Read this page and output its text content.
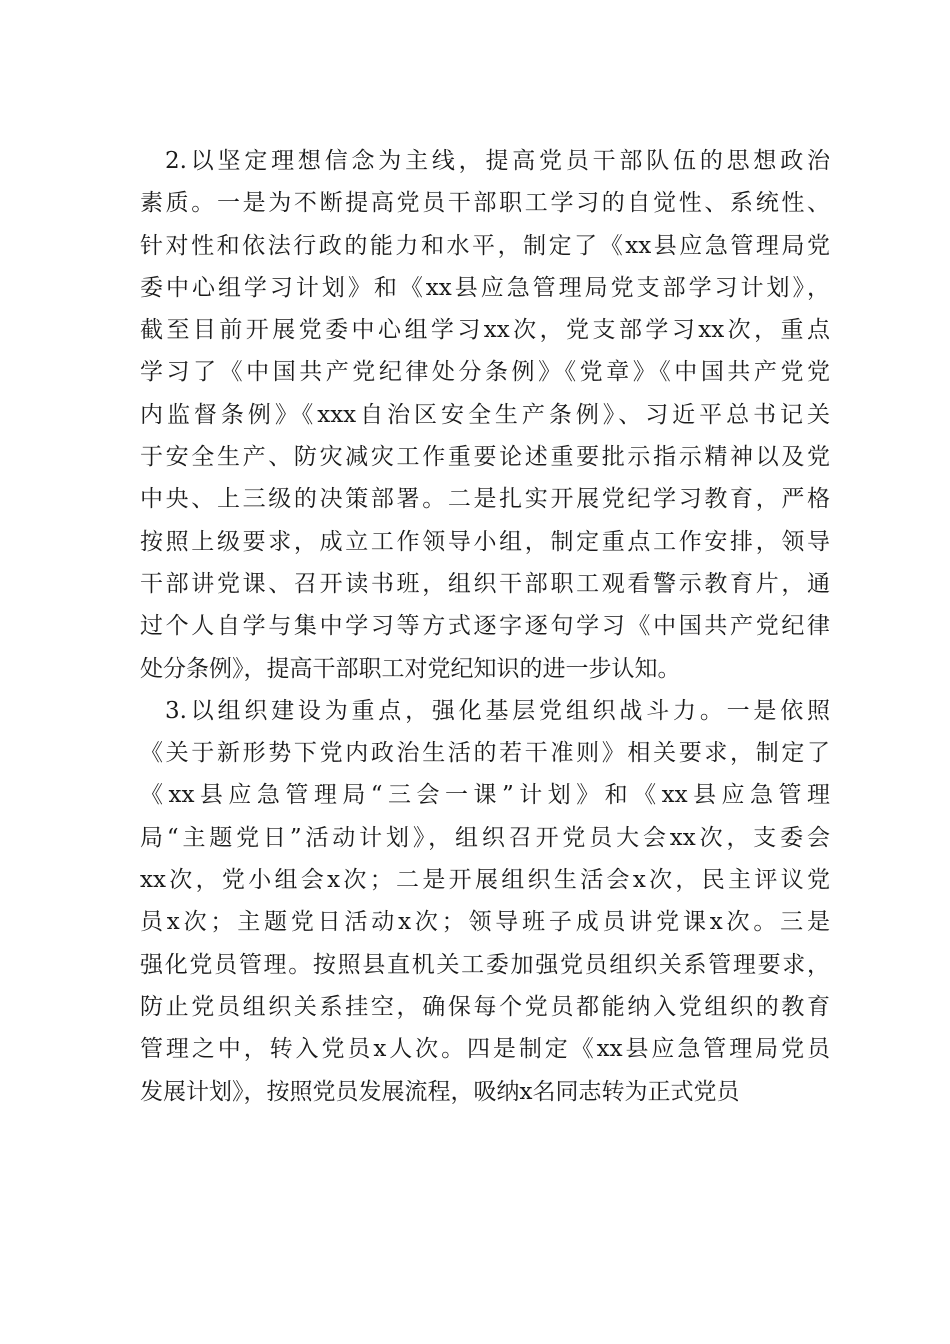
2.以坚定理想信念为主线，提高党员干部队伍的思想政治
素质。一是为不断提高党员干部职工学习的自觉性、系统性、
针对性和依法行政的能力和水平，制定了《xx县应急管理局党
委中心组学习计划》和《xx县应急管理局党支部学习计划》，
截至目前开展党委中心组学习xx次，党支部学习xx次，重点
学习了《中国共产党纪律处分条例》《党章》《中国共产党党
内监督条例》《xxx自治区安全生产条例》、习近平总书记关
于安全生产、防灾减灾工作重要论述重要批示指示精神以及党
中央、上三级的决策部署。二是扎实开展党纪学习教育，严格
按照上级要求，成立工作领导小组，制定重点工作安排，领导
干部讲党课、召开读书班，组织干部职工观看警示教育片，通
过个人自学与集中学习等方式逐字逐句学习《中国共产党纪律
处分条例》，提高干部职工对党纪知识的进一步认知。
3.以组织建设为重点，强化基层党组织战斗力。一是依照
《关于新形势下党内政治生活的若干准则》相关要求，制定了
《xx县应急管理局“三会一课”计划》和《xx县应急管理
局“主题党日”活动计划》，组织召开党员大会xx次，支委会
xx次，党小组会x次；二是开展组织生活会x次，民主评议党
员x次；主题党日活动x次；领导班子成员讲党课x次。三是
强化党员管理。按照县直机关工委加强党员组织关系管理要求，
防止党员组织关系挂空，确保每个党员都能纳入党组织的教育
管理之中，转入党员x人次。四是制定《xx县应急管理局党员
发展计划》，按照党员发展流程，吸纳x名同志转为正式党员
